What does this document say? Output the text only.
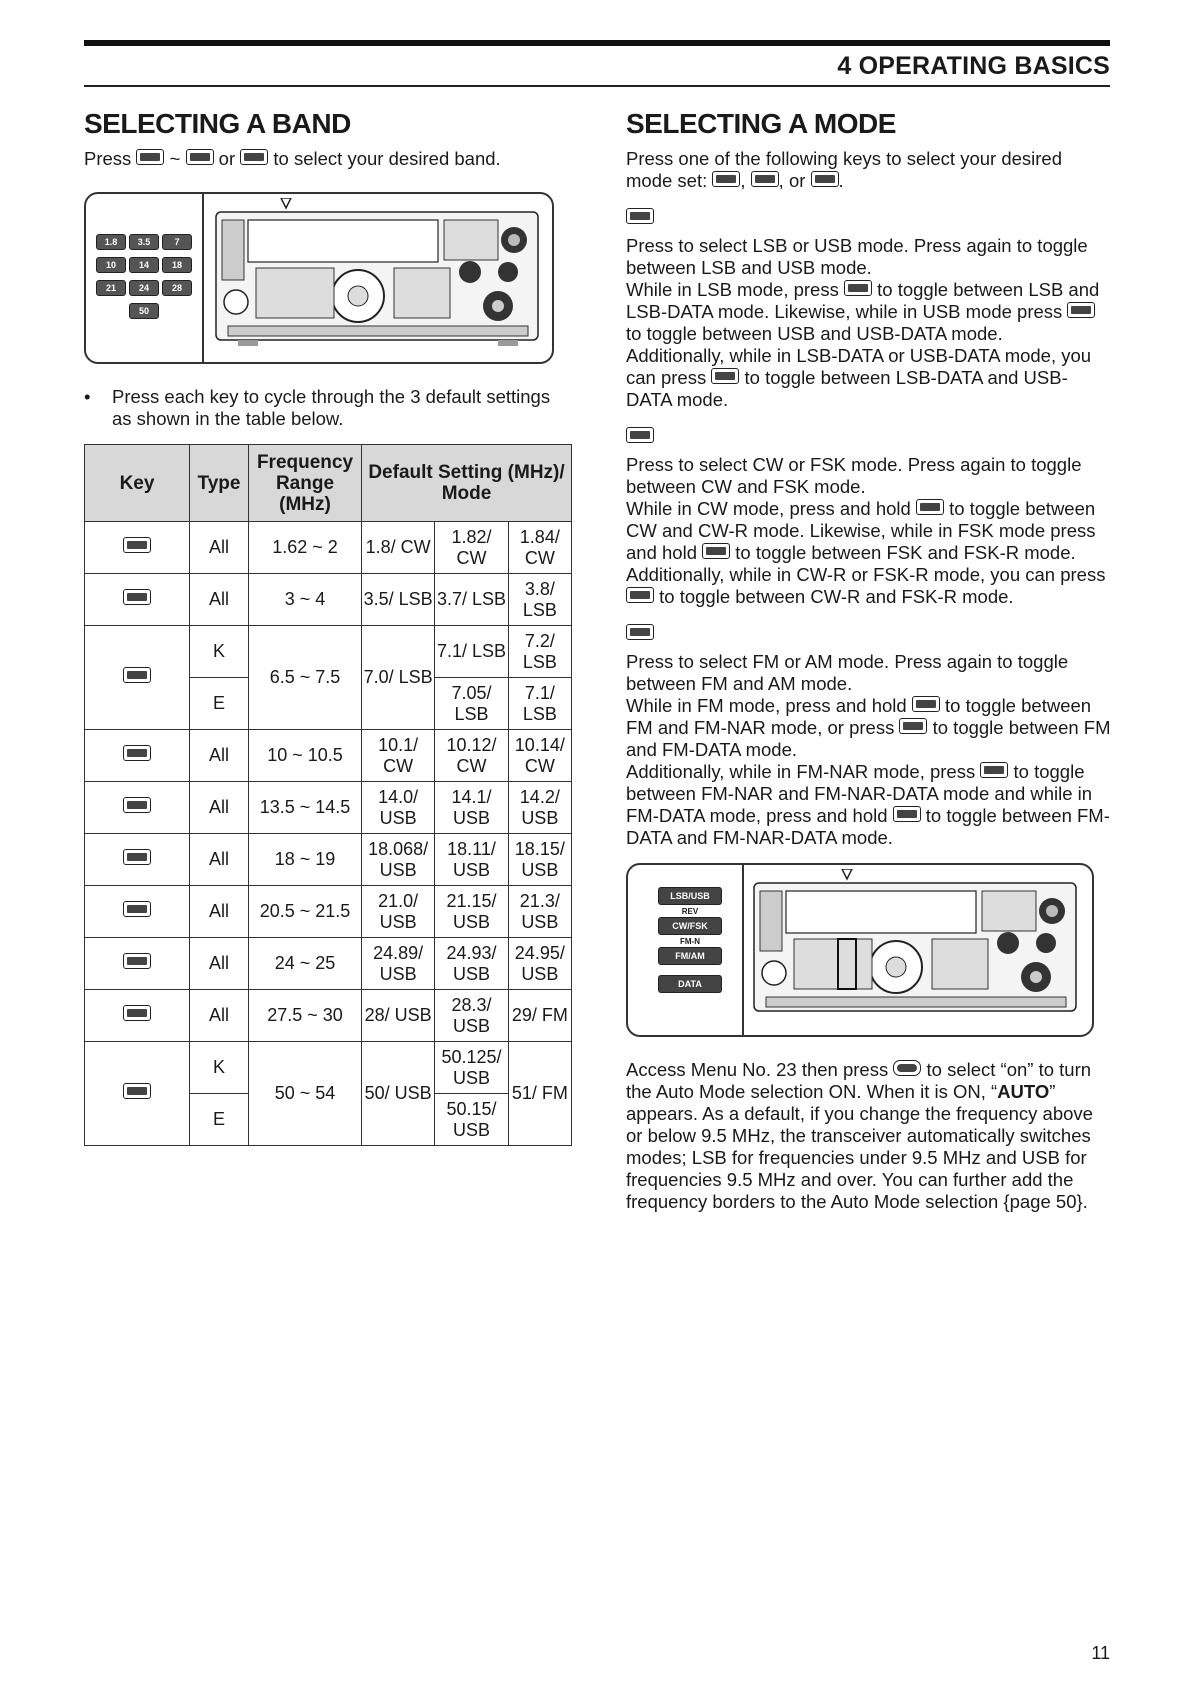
4 OPERATING BASICS
SELECTING A BAND

Press ~ or to select your desired band.

1.8	3.5	7
10	14	18
21	24	28
50

• Press each key to cycle through the 3 default settings as shown in the table below.

Key	Type	Frequency Range (MHz)	Default Setting (MHz)/ Mode		

	All	1.62 ~ 2	1.8/ CW	1.82/ CW	1.84/ CW

	All	3 ~ 4	3.5/ LSB	3.7/ LSB	3.8/ LSB

	K	6.5 ~ 7.5	7.0/ LSB	7.1/ LSB	7.2/ LSB
	E			7.05/ LSB	7.1/ LSB

	All	10 ~ 10.5	10.1/ CW	10.12/ CW	10.14/ CW

	All	13.5 ~ 14.5	14.0/ USB	14.1/ USB	14.2/ USB

	All	18 ~ 19	18.068/ USB	18.11/ USB	18.15/ USB

	All	20.5 ~ 21.5	21.0/ USB	21.15/ USB	21.3/ USB

	All	24 ~ 25	24.89/ USB	24.93/ USB	24.95/ USB

	All	27.5 ~ 30	28/ USB	28.3/ USB	29/ FM

	K	50 ~ 54	50/ USB	50.125/ USB	51/ FM
	E			50.15/ USB	
SELECTING A MODE

Press one of the following keys to select your desired mode set: , , or .

Press to select LSB or USB mode. Press again to toggle between LSB and USB mode.
While in LSB mode, press to toggle between LSB and LSB-DATA mode. Likewise, while in USB mode press
to toggle between USB and USB-DATA mode.
Additionally, while in LSB-DATA or USB-DATA mode, you can press to toggle between LSB-DATA and USB-DATA mode.

Press to select CW or FSK mode. Press again to toggle between CW and FSK mode.
While in CW mode, press and hold to toggle between CW and CW-R mode. Likewise, while in FSK mode press and hold to toggle between FSK and FSK-R mode.
Additionally, while in CW-R or FSK-R mode, you can press
to toggle between CW-R and FSK-R mode.

Press to select FM or AM mode. Press again to toggle between FM and AM mode.
While in FM mode, press and hold to toggle between FM and FM-NAR mode, or press to toggle between FM and FM-DATA mode.
Additionally, while in FM-NAR mode, press to toggle between FM-NAR and FM-NAR-DATA mode and while in FM-DATA mode, press and hold to toggle between FM-DATA and FM-NAR-DATA mode.

LSB/USB
REV
CW/FSK
FM-N
FM/AM
DATA

Access Menu No. 23 then press to select “on” to turn the Auto Mode selection ON. When it is ON, “AUTO” appears. As a default, if you change the frequency above or below 9.5 MHz, the transceiver automatically switches modes; LSB for frequencies under 9.5 MHz and USB for frequencies 9.5 MHz and over. You can further add the frequency borders to the Auto Mode selection {page 50}.

11
